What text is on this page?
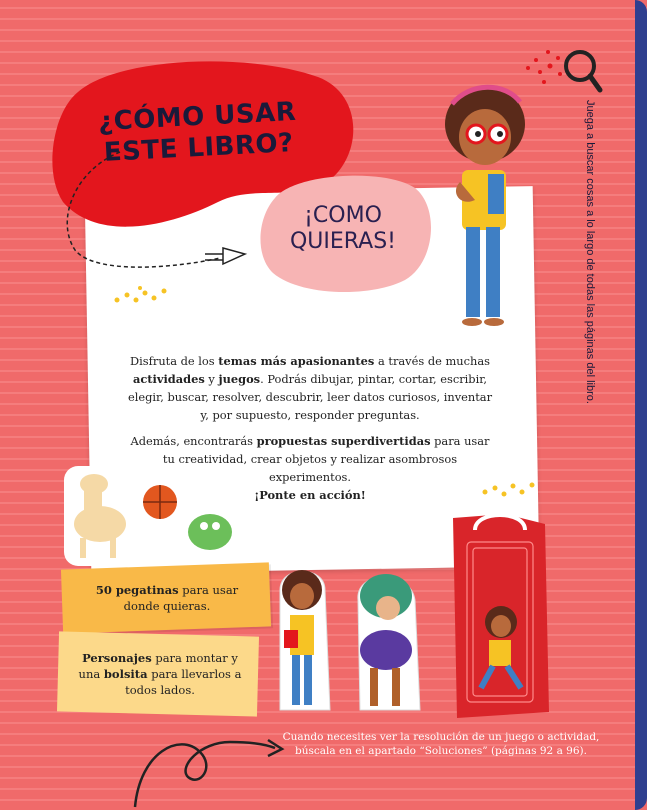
¿CÓMO USAR
ESTE LIBRO?
¡COMO
QUIERAS!	Juega a buscar cosas a lo largo de todas las páginas del libro.
Disfruta de los temas más apasionantes a través de muchas actividades y juegos. Podrás dibujar, pintar, cortar, escribir, elegir, buscar, resolver, descubrir, leer datos curiosos, inventar y, por supuesto, responder preguntas.
Además, encontrarás propuestas superdivertidas para usar tu creatividad, crear objetos y realizar asombrosos experimentos.
¡Ponte en acción!
50 pegatinas para usar donde quieras.
Personajes para montar y una bolsita para llevarlos a todos lados.
Cuando necesites ver la resolución de un juego o actividad, búscala en el apartado “Soluciones” (páginas 92 a 96).
